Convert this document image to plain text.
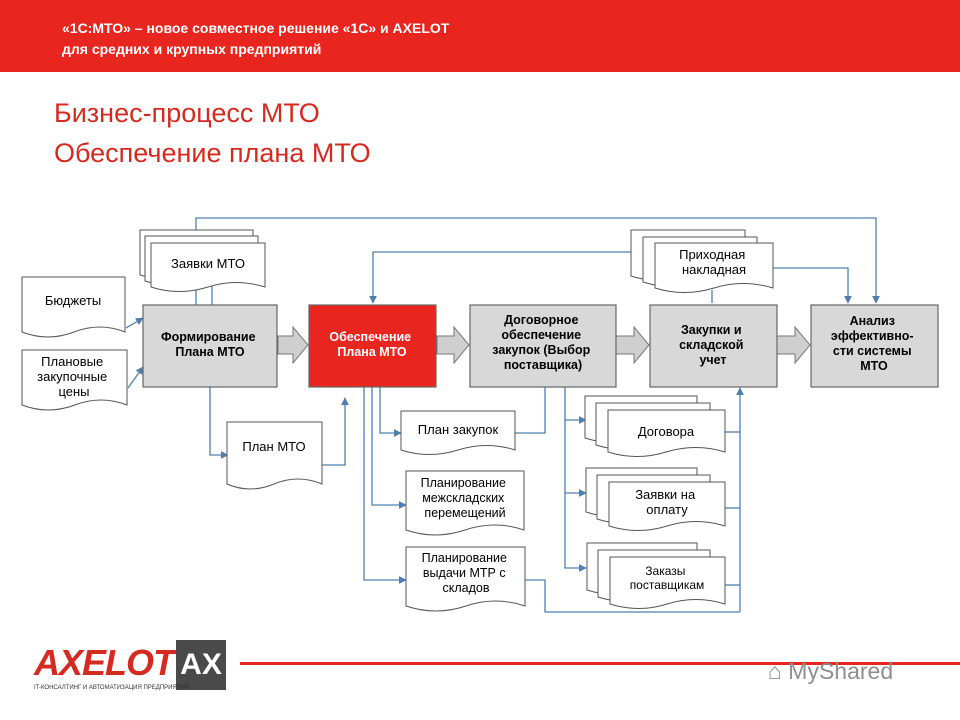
«1С:МТО» – новое совместное решение «1С» и AXELOT
для средних и крупных предприятий
Бизнес-процесс МТО
Обеспечение плана МТО
Бюджеты
Плановые закупочные цены
Заявки МТО
План МТО
План закупок
Планирование межскладских перемещений
Планирование выдачи МТР с складов
Приходная накладная
Договора
Заявки на оплату
Заказы поставщикам
Формирование Плана МТО
Обеспечение Плана МТО
Договорное обеспечение закупок (Выбор поставщика)
Закупки и складской учет
Анализ эффективно- сти системы МТО
AXELOT AX
IT-КОНСАЛТИНГ И АВТОМАТИЗАЦИЯ ПРЕДПРИЯТИЙ
⌂ MyShared
